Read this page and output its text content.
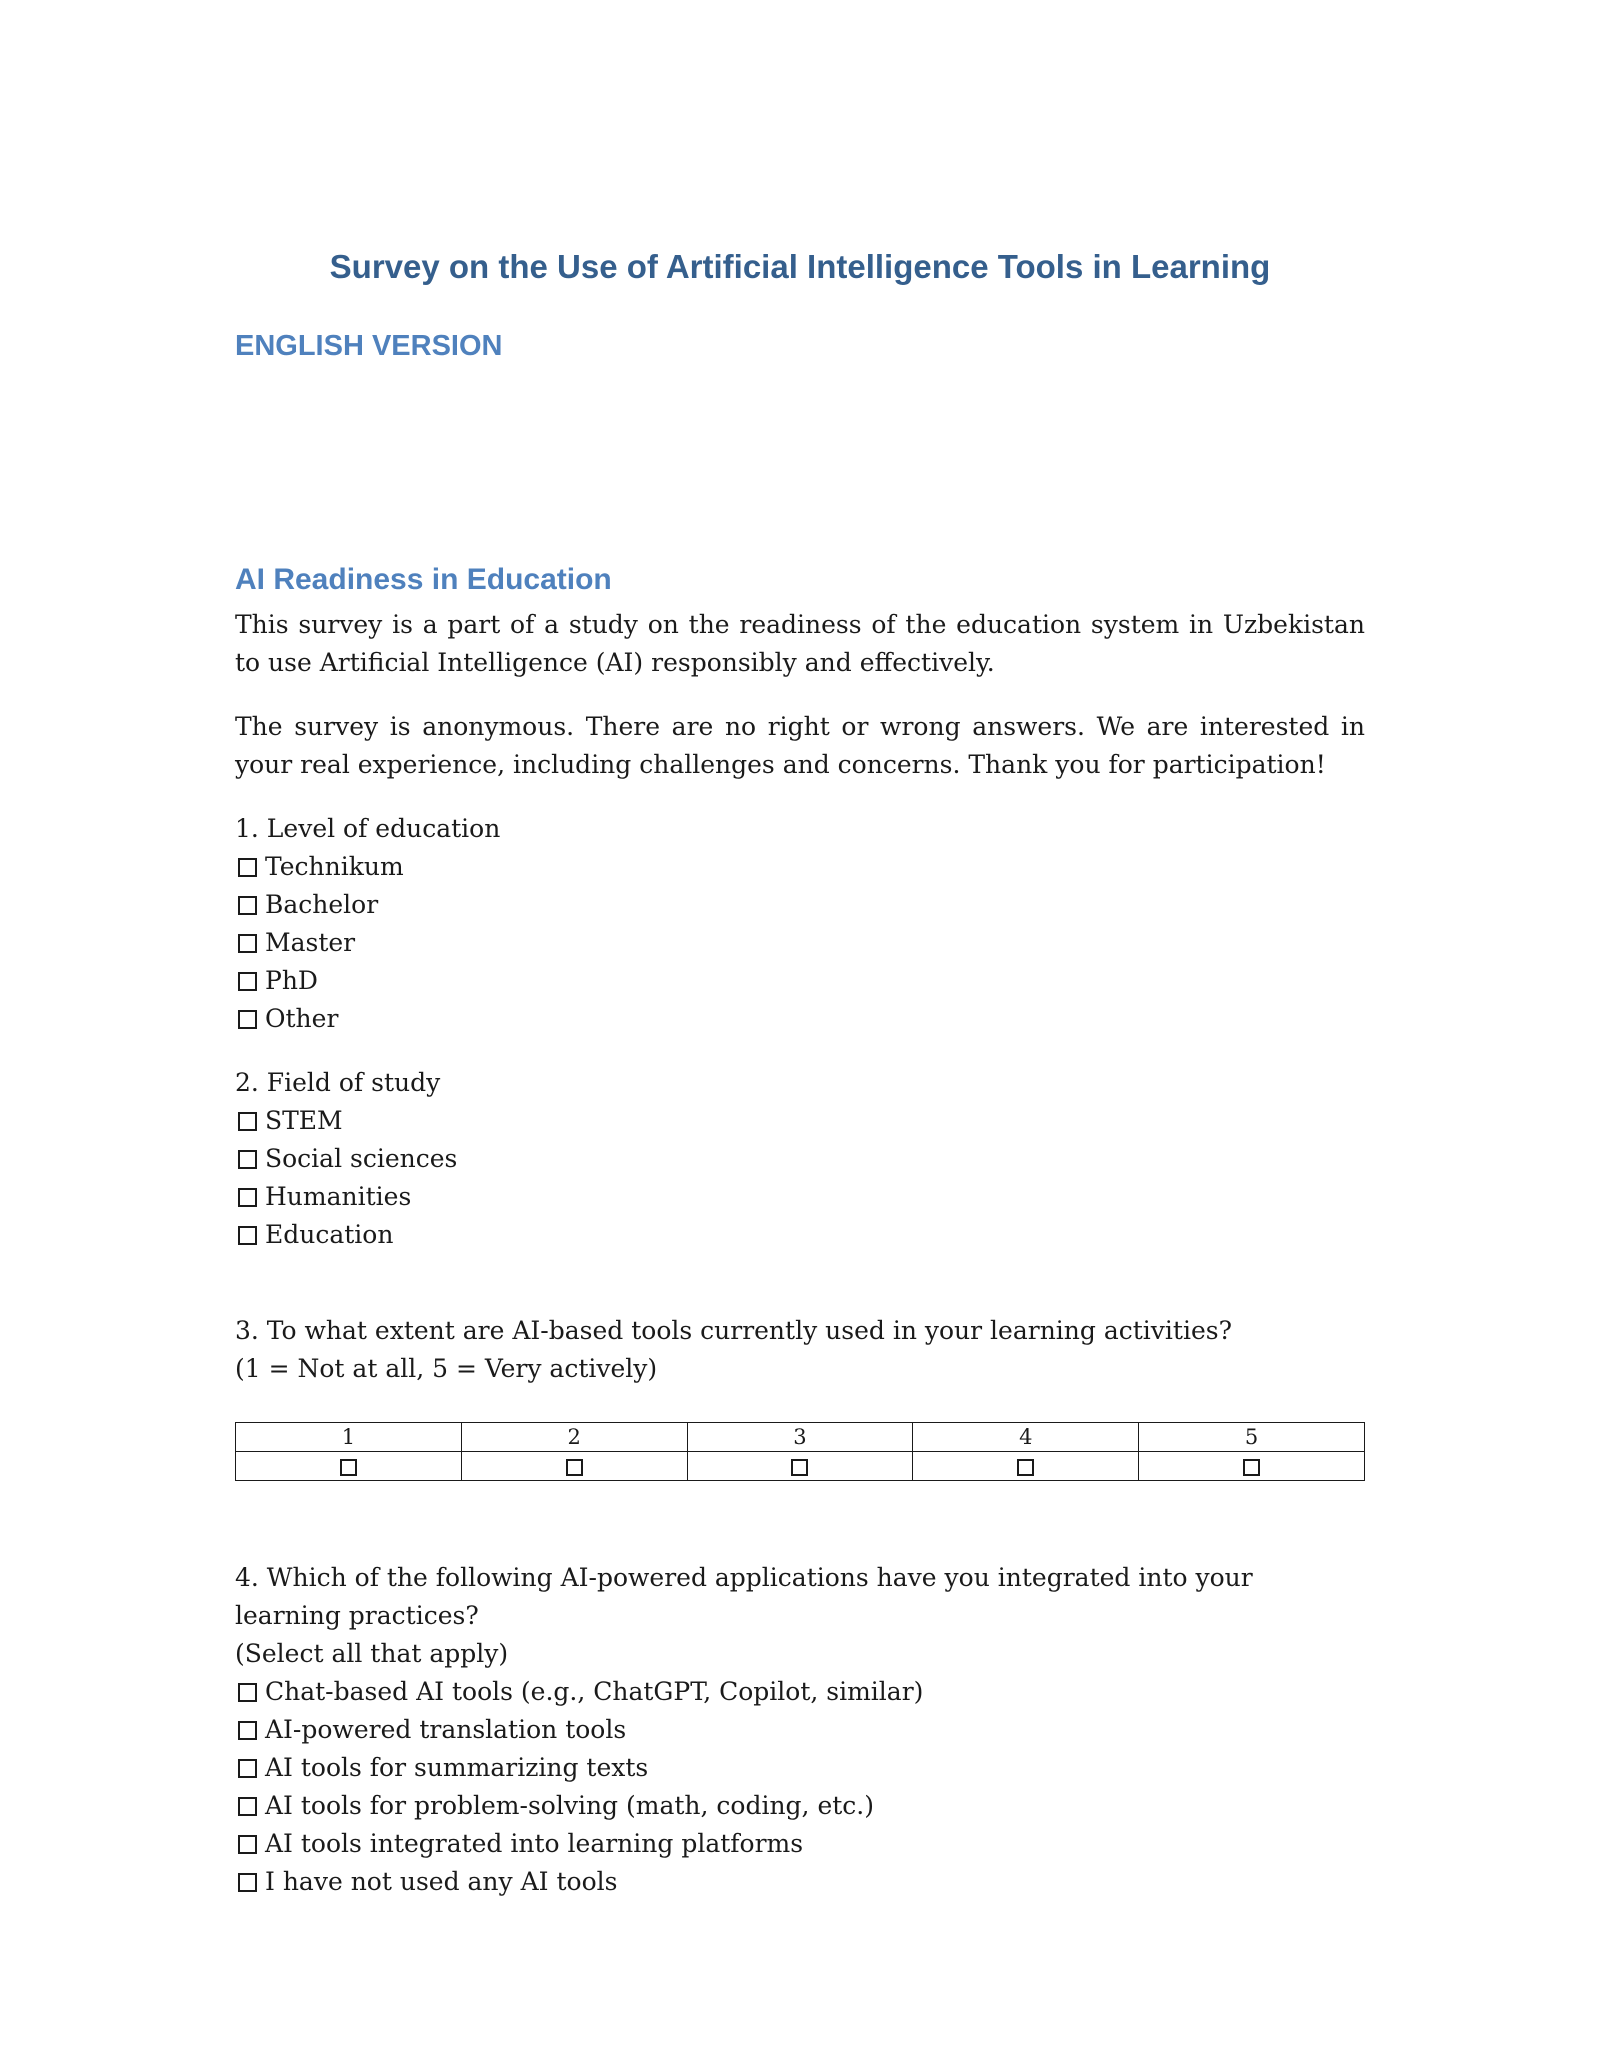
Survey on the Use of Artificial Intelligence Tools in Learning
ENGLISH VERSION
AI Readiness in Education

This survey is a part of a study on the readiness of the education system in Uzbekistan to use Artificial Intelligence (AI) responsibly and effectively.

The survey is anonymous. There are no right or wrong answers. We are interested in your real experience, including challenges and concerns. Thank you for participation!

1. Level of education

Technikum
Bachelor
Master
PhD
Other

2. Field of study

STEM
Social sciences
Humanities
Education

3. To what extent are AI-based tools currently used in your learning activities?

(1 = Not at all, 5 = Very actively)

1	2	3	4	5

4. Which of the following AI-powered applications have you integrated into your learning practices?

(Select all that apply)

Chat-based AI tools (e.g., ChatGPT, Copilot, similar)
AI-powered translation tools
AI tools for summarizing texts
AI tools for problem-solving (math, coding, etc.)
AI tools integrated into learning platforms
I have not used any AI tools
